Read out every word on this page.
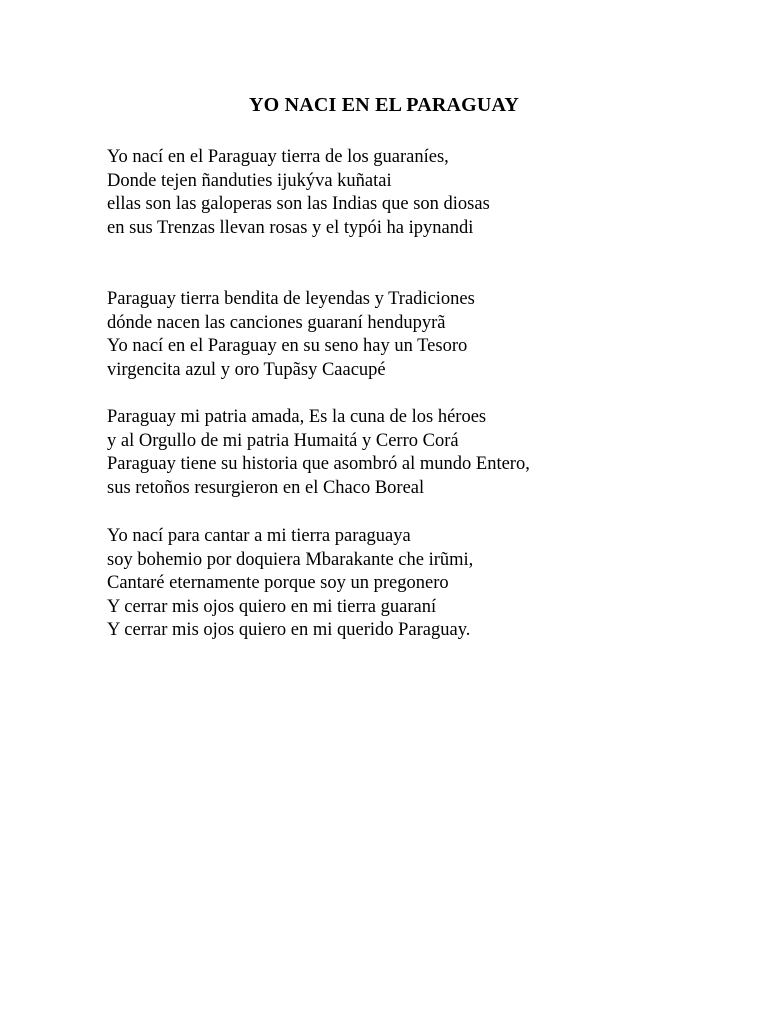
YO NACI EN EL PARAGUAY
Yo nací en el Paraguay tierra de los guaraníes,
Donde tejen ñanduties ijukýva kuñatai
ellas son las galoperas son las Indias que son diosas
en sus Trenzas llevan rosas y el typói ha ipynandi
Paraguay tierra bendita de leyendas y Tradiciones
dónde nacen las canciones guaraní hendupyrã
Yo nací en el Paraguay en su seno hay un Tesoro
virgencita azul y oro Tupãsy Caacupé
Paraguay mi patria amada, Es la cuna de los héroes
y al Orgullo de mi patria Humaitá y Cerro Corá
Paraguay tiene su historia que asombró al mundo Entero,
sus retoños resurgieron en el Chaco Boreal
Yo nací para cantar a mi tierra paraguaya
soy bohemio por doquiera Mbarakante che irũmi,
Cantaré eternamente porque soy un pregonero
Y cerrar mis ojos quiero en mi tierra guaraní
Y cerrar mis ojos quiero en mi querido Paraguay.
